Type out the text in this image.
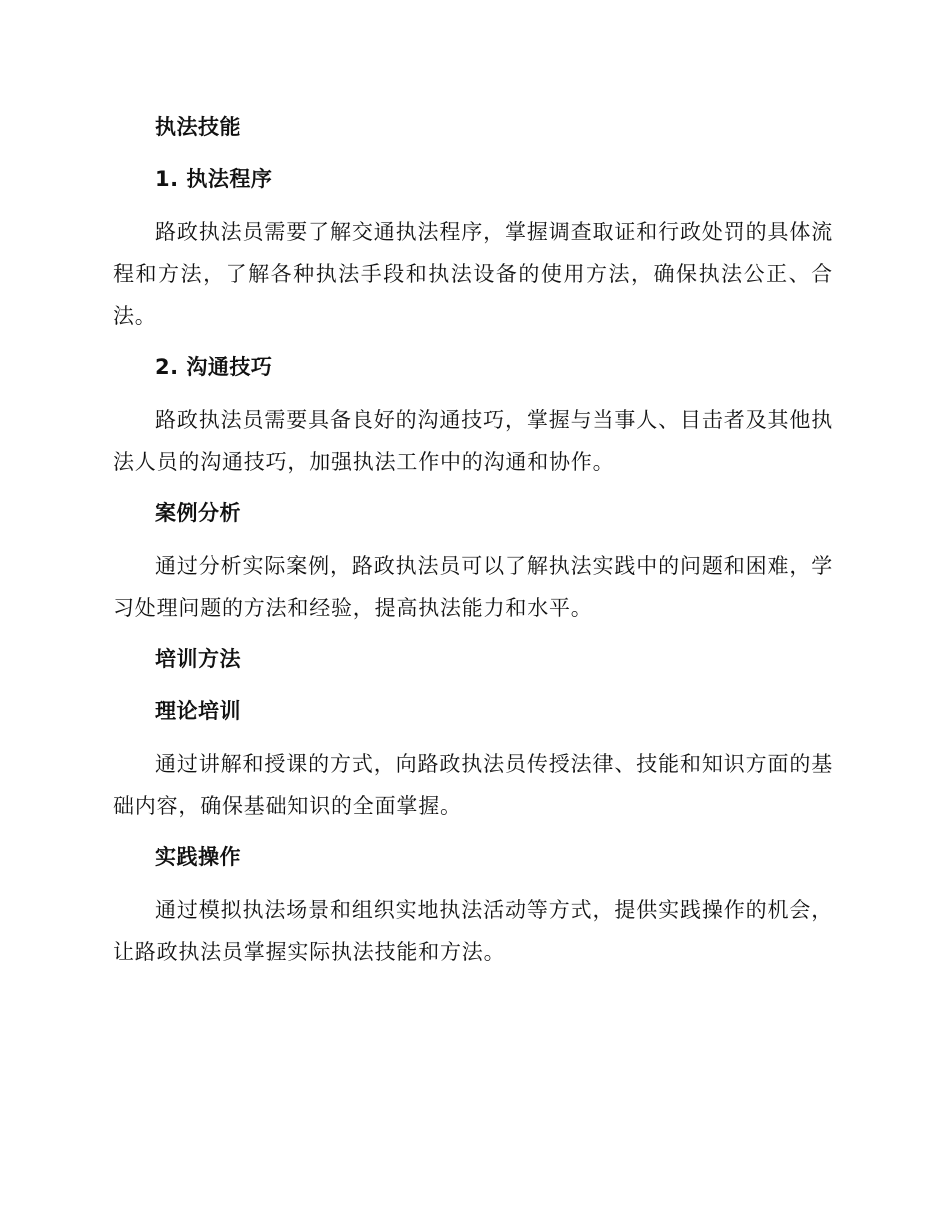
执法技能
1. 执法程序
路政执法员需要了解交通执法程序，掌握调查取证和行政处罚的具体流程和方法，了解各种执法手段和执法设备的使用方法，确保执法公正、合法。
2. 沟通技巧
路政执法员需要具备良好的沟通技巧，掌握与当事人、目击者及其他执法人员的沟通技巧，加强执法工作中的沟通和协作。
案例分析
通过分析实际案例，路政执法员可以了解执法实践中的问题和困难，学习处理问题的方法和经验，提高执法能力和水平。
培训方法
理论培训
通过讲解和授课的方式，向路政执法员传授法律、技能和知识方面的基础内容，确保基础知识的全面掌握。
实践操作
通过模拟执法场景和组织实地执法活动等方式，提供实践操作的机会，让路政执法员掌握实际执法技能和方法。
